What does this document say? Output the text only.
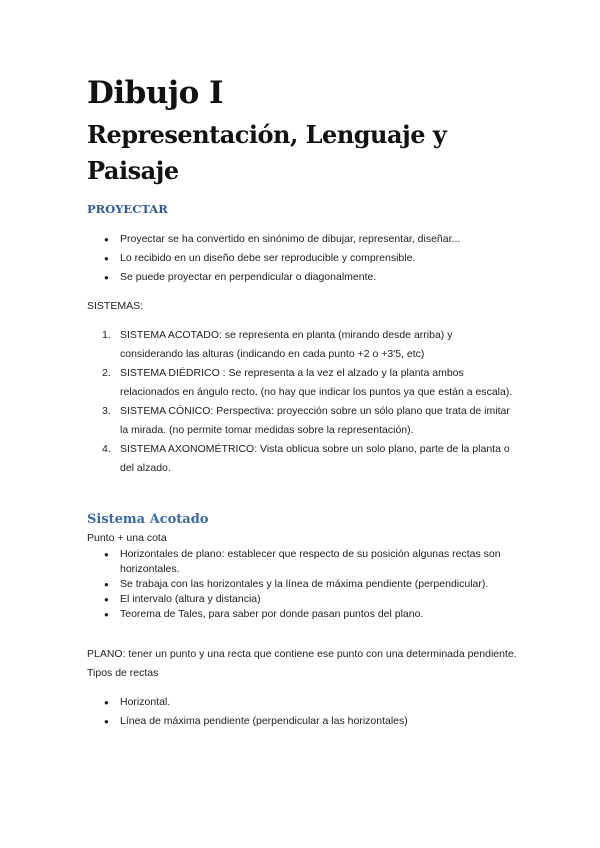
Dibujo I
Representación, Lenguaje y Paisaje
PROYECTAR
● Proyectar se ha convertido en sinónimo de dibujar, representar, diseñar...
● Lo recibido en un diseño debe ser reproducible y comprensible.
● Se puede proyectar en perpendicular o diagonalmente.

SISTEMAS:

1. SISTEMA ACOTADO: se representa en planta (mirando desde arriba) y considerando las alturas (indicando en cada punto +2 o +3'5, etc)
2. SISTEMA DIÉDRICO : Se representa a la vez el alzado y la planta ambos relacionados en ángulo recto. (no hay que indicar los puntos ya que están a escala).
3. SISTEMA CÓNICO: Perspectiva: proyección sobre un sólo plano que trata de imitar la mirada. (no permite tomar medidas sobre la representación).
4. SISTEMA AXONOMÉTRICO: Vista oblicua sobre un solo plano, parte de la planta o del alzado.
Sistema Acotado

Punto + una cota

● Horizontales de plano: establecer que respecto de su posición algunas rectas son horizontales.
● Se trabaja con las horizontales y la línea de máxima pendiente (perpendicular).
● El intervalo (altura y distancia)
● Teorema de Tales, para saber por donde pasan puntos del plano.

PLANO: tener un punto y una recta que contiene ese punto con una determinada pendiente. Tipos de rectas

● Horizontal.
● Línea de máxima pendiente (perpendicular a las horizontales)
